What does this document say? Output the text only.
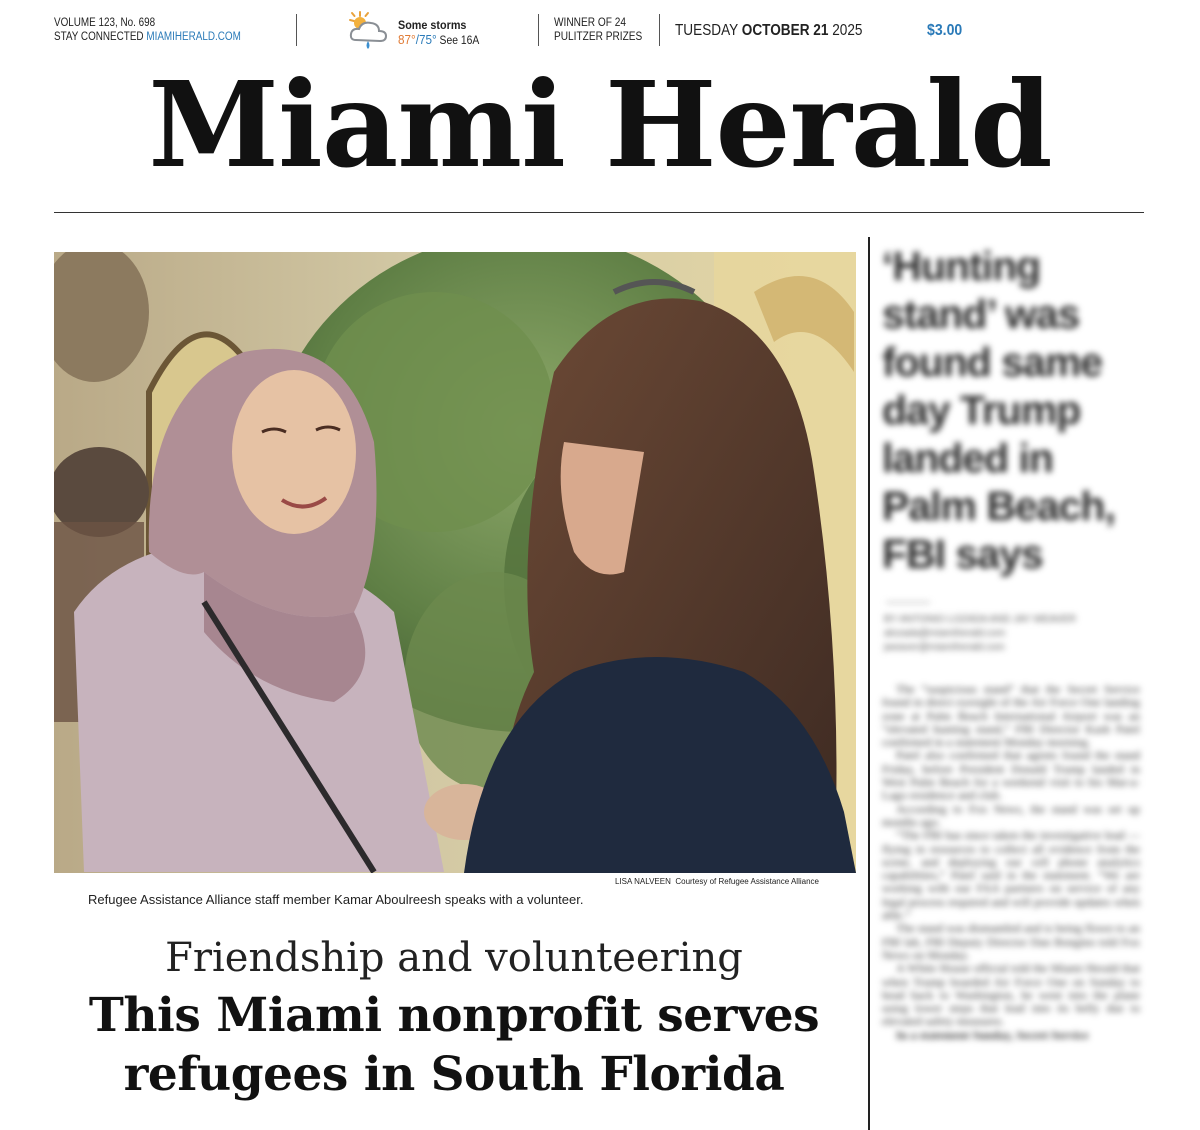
VOLUME 123, No. 698
STAY CONNECTED MIAMIHERALD.COM
Some storms
87°/75° See 16A
WINNER OF 24
PULITZER PRIZES TUESDAY OCTOBER 21 2025	$3.00
Miami Herald
LISA NALVEEN Courtesy of Refugee Assistance Alliance
Refugee Assistance Alliance staff member Kamar Aboulreesh speaks with a volunteer.
Friendship and volunteering
This Miami nonprofit serves refugees in South Florida
‘Hunting stand’ was found same day Trump landed in Palm Beach, FBI says
BY ANTONIO LOZADA AND JAY WEAVER
alozada@miamiherald.com
jweaver@miamiherald.com

The “suspicious stand” that the Secret Service found in direct eyesight of the Air Force One landing zone at Palm Beach International Airport was an “elevated hunting stand,” FBI Director Kash Patel confirmed in a statement Monday morning.

Patel also confirmed that agents found the stand Friday, before President Donald Trump landed in West Palm Beach for a weekend visit to his Mar-a-Lago residence and club.

According to Fox News, the stand was set up months ago.

“The FBI has since taken the investigative lead — flying in resources to collect all evidence from the scene, and deploying our cell phone analytics capabilities,” Patel said in the statement. “We are working with our FAA partners on service of any legal process required and will provide updates when able.”

The stand was dismantled and is being flown to an FBI lab, FBI Deputy Director Dan Bongino told Fox News on Monday.

A White House official told the Miami Herald that when Trump boarded Air Force One on Sunday to head back to Washington, he went into the plane using lower steps that lead into its belly due to elevated safety measures.

In a statement Sunday, Secret Service
